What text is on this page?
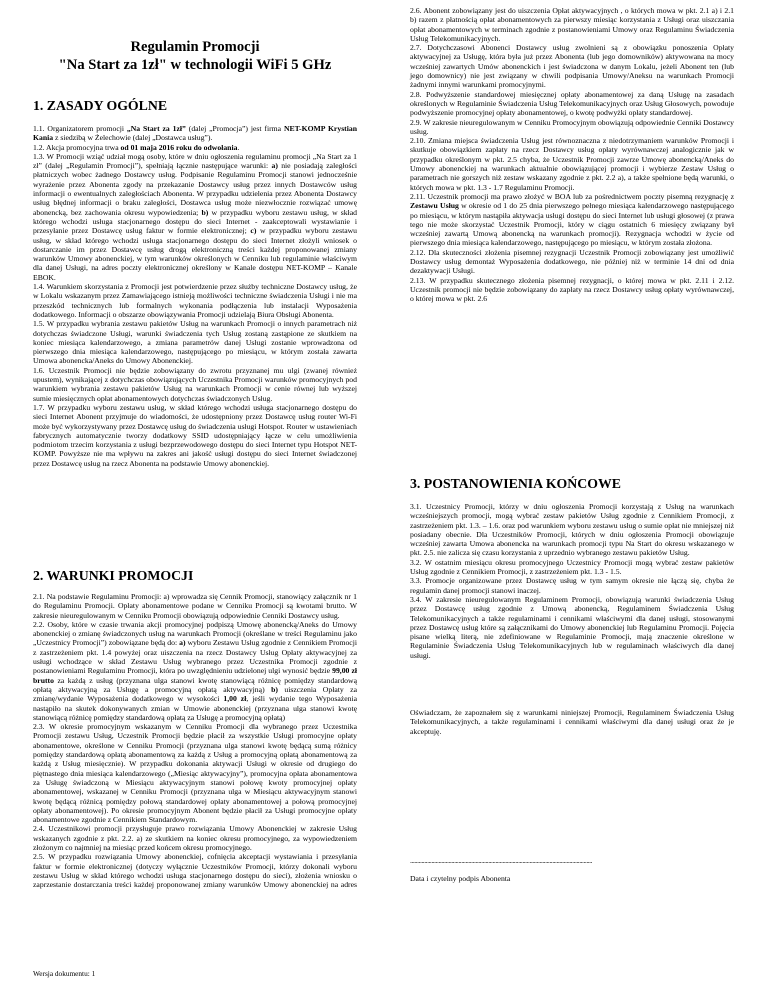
Regulamin Promocji

"Na Start za 1zł" w technologii WiFi 5 GHz

1. ZASADY OGÓLNE

1.1. Organizatorem promocji „Na Start za 1zł” (dalej „Promocja”) jest firma NET-KOMP Krystian Kania z siedzibą w Żelechowie (dalej „Dostawca usług”).

1.2. Akcja promocyjna trwa od 01 maja 2016 roku do odwołania.

1.3. W Promocji wziąć udział mogą osoby, które w dniu ogłoszenia regulaminu promocji „Na Start za 1 zł” (dalej „Regulamin Promocji”), spełniają łącznie następujące warunki: a) nie posiadają zaległości płatniczych wobec żadnego Dostawcy usług. Podpisanie Regulaminu Promocji stanowi jednocześnie wyrażenie przez Abonenta zgody na przekazanie Dostawcy usług przez innych Dostawców usług informacji o ewentualnych zaległościach Abonenta. W przypadku udzielenia przez Abonenta Dostawcy usług błędnej informacji o braku zaległości, Dostawca usług może niezwłocznie rozwiązać umowę abonencką, bez zachowania okresu wypowiedzenia; b) w przypadku wyboru zestawu usług, w skład którego wchodzi usługa stacjonarnego dostępu do sieci Internet - zaakceptowali wystawianie i przesyłanie przez Dostawcę usług faktur w formie elektronicznej; c) w przypadku wyboru zestawu usług, w skład którego wchodzi usługa stacjonarnego dostępu do sieci Internet złożyli wniosek o dostarczanie im przez Dostawcę usług drogą elektroniczną treści każdej proponowanej zmiany warunków Umowy abonenckiej, w tym warunków określonych w Cenniku lub regulaminie właściwym dla danej Usługi, na adres poczty elektronicznej określony w Kanale dostępu NET-KOMP – Kanale EBOK.

1.4. Warunkiem skorzystania z Promocji jest potwierdzenie przez służby techniczne Dostawcy usług, że w Lokalu wskazanym przez Zamawiającego istnieją możliwości techniczne świadczenia Usługi i nie ma przeszkód technicznych lub formalnych wykonania podłączenia lub instalacji Wyposażenia dodatkowego. Informacji o obszarze obowiązywania Promocji udzielają Biura Obsługi Abonenta.

1.5. W przypadku wybrania zestawu pakietów Usług na warunkach Promocji o innych parametrach niż dotychczas świadczone Usługi, warunki świadczenia tych Usług zostaną zastąpione ze skutkiem na koniec miesiąca kalendarzowego, a zmiana parametrów danej Usługi zostanie wprowadzona od pierwszego dnia miesiąca kalendarzowego, następującego po miesiącu, w którym została zawarta Umowa abonencka/Aneks do Umowy Abonenckiej.

1.6. Uczestnik Promocji nie będzie zobowiązany do zwrotu przyznanej mu ulgi (zwanej również upustem), wynikającej z dotychczas obowiązujących Uczestnika Promocji warunków promocyjnych pod warunkiem wybrania zestawu pakietów Usług na warunkach Promocji w cenie równej lub wyższej sumie miesięcznych opłat abonamentowych dotychczas świadczonych Usług.

1.7. W przypadku wyboru zestawu usług, w skład którego wchodzi usługa stacjonarnego dostępu do sieci Internet Abonent przyjmuje do wiadomości, że udostępniony przez Dostawcę usług router Wi-Fi może być wykorzystywany przez Dostawcę usług do świadczenia usługi Hotspot. Router w ustawieniach fabrycznych automatycznie tworzy dodatkowy SSID udostępniający łącze w celu umożliwienia podmiotom trzecim korzystania z usługi bezprzewodowego dostępu do sieci Internet typu Hotspot NET-KOMP. Powyższe nie ma wpływu na zakres ani jakość usługi dostępu do sieci Internet świadczonej przez Dostawcę usług na rzecz Abonenta na podstawie Umowy abonenckiej.

2. WARUNKI PROMOCJI

2.1. Na podstawie Regulaminu Promocji: a) wprowadza się Cennik Promocji, stanowiący załącznik nr 1 do Regulaminu Promocji. Opłaty abonamentowe podane w Cenniku Promocji są kwotami brutto. W zakresie nieuregulowanym w Cenniku Promocji obowiązują odpowiednie Cenniki Dostawcy usług.

2.2. Osoby, które w czasie trwania akcji promocyjnej podpiszą Umowę abonencką/Aneks do Umowy abonenckiej o zmianę świadczonych usług na warunkach Promocji (określane w treści Regulaminu jako „Uczestnicy Promocji”) zobowiązane będą do: a) wyboru Zestawu Usług zgodnie z Cennikiem Promocji z zastrzeżeniem pkt. 1.4 powyżej oraz uiszczenia na rzecz Dostawcy Usług Opłaty aktywacyjnej za usługi wchodzące w skład Zestawu Usług wybranego przez Uczestnika Promocji zgodnie z postanowieniami Regulaminu Promocji, która po uwzględnieniu udzielonej ulgi wynosić będzie 99,00 zł brutto za każdą z usług (przyznana ulga stanowi kwotę stanowiącą różnicę pomiędzy standardową opłatą aktywacyjną za Usługę a promocyjną opłatą aktywacyjną) b) uiszczenia Opłaty za zmianę/wydanie Wyposażenia dodatkowego w wysokości 1,00 zł, jeśli wydanie tego Wyposażenia nastąpiło na skutek dokonywanych zmian w Umowie abonenckiej (przyznana ulga stanowi kwotę stanowiącą różnicę pomiędzy standardową opłatą za Usługę a promocyjną opłatą)

2.3. W okresie promocyjnym wskazanym w Cenniku Promocji dla wybranego przez Uczestnika Promocji zestawu Usług, Uczestnik Promocji będzie płacił za wszystkie Usługi promocyjne opłaty abonamentowe, określone w Cenniku Promocji (przyznana ulga stanowi kwotę będącą sumą różnicy pomiędzy standardową opłatą abonamentową za każdą z Usług a promocyjną opłatą abonamentową za każdą z Usług miesięcznie). W przypadku dokonania aktywacji Usługi w okresie od drugiego do piętnastego dnia miesiąca kalendarzowego („Miesiąc aktywacyjny”), promocyjna opłata abonamentowa za Usługę świadczoną w Miesiącu aktywacyjnym stanowi połowę kwoty promocyjnej opłaty abonamentowej, wskazanej w Cenniku Promocji (przyznana ulga w Miesiącu aktywacyjnym stanowi kwotę będącą różnicą pomiędzy połową standardowej opłaty abonamentowej a połową promocyjnej opłaty abonamentowej). Po okresie promocyjnym Abonent będzie płacił za Usługi promocyjne opłaty abonamentowe zgodnie z Cennikiem Standardowym.

2.4. Uczestnikowi promocji przysługuje prawo rozwiązania Umowy Abonenckiej w zakresie Usług wskazanych zgodnie z pkt. 2.2. a) ze skutkiem na koniec okresu promocyjnego, za wypowiedzeniem złożonym co najmniej na miesiąc przed końcem okresu promocyjnego.

2.5. W przypadku rozwiązania Umowy abonenckiej, cofnięcia akceptacji wystawiania i przesyłania faktur w formie elektronicznej (dotyczy wyłącznie Uczestników Promocji, którzy dokonali wyboru zestawu Usług w skład którego wchodzi usługa stacjonarnego dostępu do sieci), złożenia wniosku o zaprzestanie dostarczania treści każdej proponowanej zmiany warunków Umowy abonenckiej na adres

Wersja dokumentu: 1

2.6. Abonent zobowiązany jest do uiszczenia Opłat aktywacyjnych , o których mowa w pkt. 2.1 a) i 2.1 b) razem z płatnością opłat abonamentowych za pierwszy miesiąc korzystania z Usługi oraz uiszczania opłat abonamentowych w terminach zgodnie z postanowieniami Umowy oraz Regulaminu Świadczenia Usług Telekomunikacyjnych.

2.7. Dotychczasowi Abonenci Dostawcy usług zwolnieni są z obowiązku ponoszenia Opłaty aktywacyjnej za Usługę, która była już przez Abonenta (lub jego domowników) aktywowana na mocy wcześniej zawartych Umów abonenckich i jest świadczona w danym Lokalu, jeżeli Abonent ten (lub jego domownicy) nie jest związany w chwili podpisania Umowy/Aneksu na warunkach Promocji żadnymi innymi warunkami promocyjnymi.

2.8. Podwyższenie standardowej miesięcznej opłaty abonamentowej za daną Usługę na zasadach określonych w Regulaminie Świadczenia Usług Telekomunikacyjnych oraz Usług Głosowych, powoduje podwyższenie promocyjnej opłaty abonamentowej, o kwotę podwyżki opłaty standardowej.

2.9. W zakresie nieuregulowanym w Cenniku Promocyjnym obowiązują odpowiednie Cenniki Dostawcy usług.

2.10. Zmiana miejsca świadczenia Usług jest równoznaczna z niedotrzymaniem warunków Promocji i skutkuje obowiązkiem zapłaty na rzecz Dostawcy usług opłaty wyrównawczej analogicznie jak w przypadku określonym w pkt. 2.5 chyba, że Uczestnik Promocji zawrze Umowę abonencką/Aneks do Umowy abonenckiej na warunkach aktualnie obowiązującej promocji i wybierze Zestaw Usług o parametrach nie gorszych niż zestaw wskazany zgodnie z pkt. 2.2 a), a także spełnione będą warunki, o których mowa w pkt. 1.3 - 1.7 Regulaminu Promocji.

2.11. Uczestnik promocji ma prawo złożyć w BOA lub za pośrednictwem poczty pisemną rezygnację z Zestawu Usług w okresie od 1 do 25 dnia pierwszego pełnego miesiąca kalendarzowego następującego po miesiącu, w którym nastąpiła aktywacja usługi dostępu do sieci Internet lub usługi głosowej (z prawa tego nie może skorzystać Uczestnik Promocji, który w ciągu ostatnich 6 miesięcy związany był wcześniej zawartą Umową abonencką na warunkach promocji). Rezygnacja wchodzi w życie od pierwszego dnia miesiąca kalendarzowego, następującego po miesiącu, w którym została złożona.

2.12. Dla skuteczności złożenia pisemnej rezygnacji Uczestnik Promocji zobowiązany jest umożliwić Dostawcy usług demontaż Wyposażenia dodatkowego, nie później niż w terminie 14 dni od dnia dezaktywacji Usługi.

2.13. W przypadku skutecznego złożenia pisemnej rezygnacji, o której mowa w pkt. 2.11 i 2.12. Uczestnik promocji nie będzie zobowiązany do zapłaty na rzecz Dostawcy usług opłaty wyrównawczej, o której mowa w pkt. 2.6

3. POSTANOWIENIA KOŃCOWE

3.1. Uczestnicy Promocji, którzy w dniu ogłoszenia Promocji korzystają z Usług na warunkach wcześniejszych promocji, mogą wybrać zestaw pakietów Usług zgodnie z Cennikiem Promocji, z zastrzeżeniem pkt. 1.3. – 1.6. oraz pod warunkiem wyboru zestawu usług o sumie opłat nie mniejszej niż posiadany obecnie. Dla Uczestników Promocji, których w dniu ogłoszenia Promocji obowiązuje wcześniej zawarta Umowa abonencka na warunkach promocji typu Na Start do okresu wskazanego w pkt. 2.5. nie zalicza się czasu korzystania z uprzednio wybranego zestawu pakietów Usług.

3.2. W ostatnim miesiącu okresu promocyjnego Uczestnicy Promocji mogą wybrać zestaw pakietów Usług zgodnie z Cennikiem Promocji, z zastrzeżeniem pkt. 1.3 - 1.5.

3.3. Promocje organizowane przez Dostawcę usług w tym samym okresie nie łączą się, chyba że regulamin danej promocji stanowi inaczej.

3.4. W zakresie nieuregulowanym Regulaminem Promocji, obowiązują warunki świadczenia Usług przez Dostawcę usług zgodnie z Umową abonencką, Regulaminem Świadczenia Usług Telekomunikacyjnych a także regulaminami i cennikami właściwymi dla danej usługi, stosowanymi przez Dostawcę usług które są załącznikami do Umowy abonenckiej lub Regulaminu Promocji. Pojęcia pisane wielką literą, nie zdefiniowane w Regulaminie Promocji, mają znaczenie określone w Regulaminie Świadczenia Usług Telekomunikacyjnych lub w regulaminach właściwych dla danej usługi.

Oświadczam, że zapoznałem się z warunkami niniejszej Promocji, Regulaminem Świadczenia Usług Telekomunikacyjnych, a także regulaminami i cennikami właściwymi dla danej usługi oraz że je akceptuję.
................................................................................................................................
Data i czytelny podpis Abonenta
